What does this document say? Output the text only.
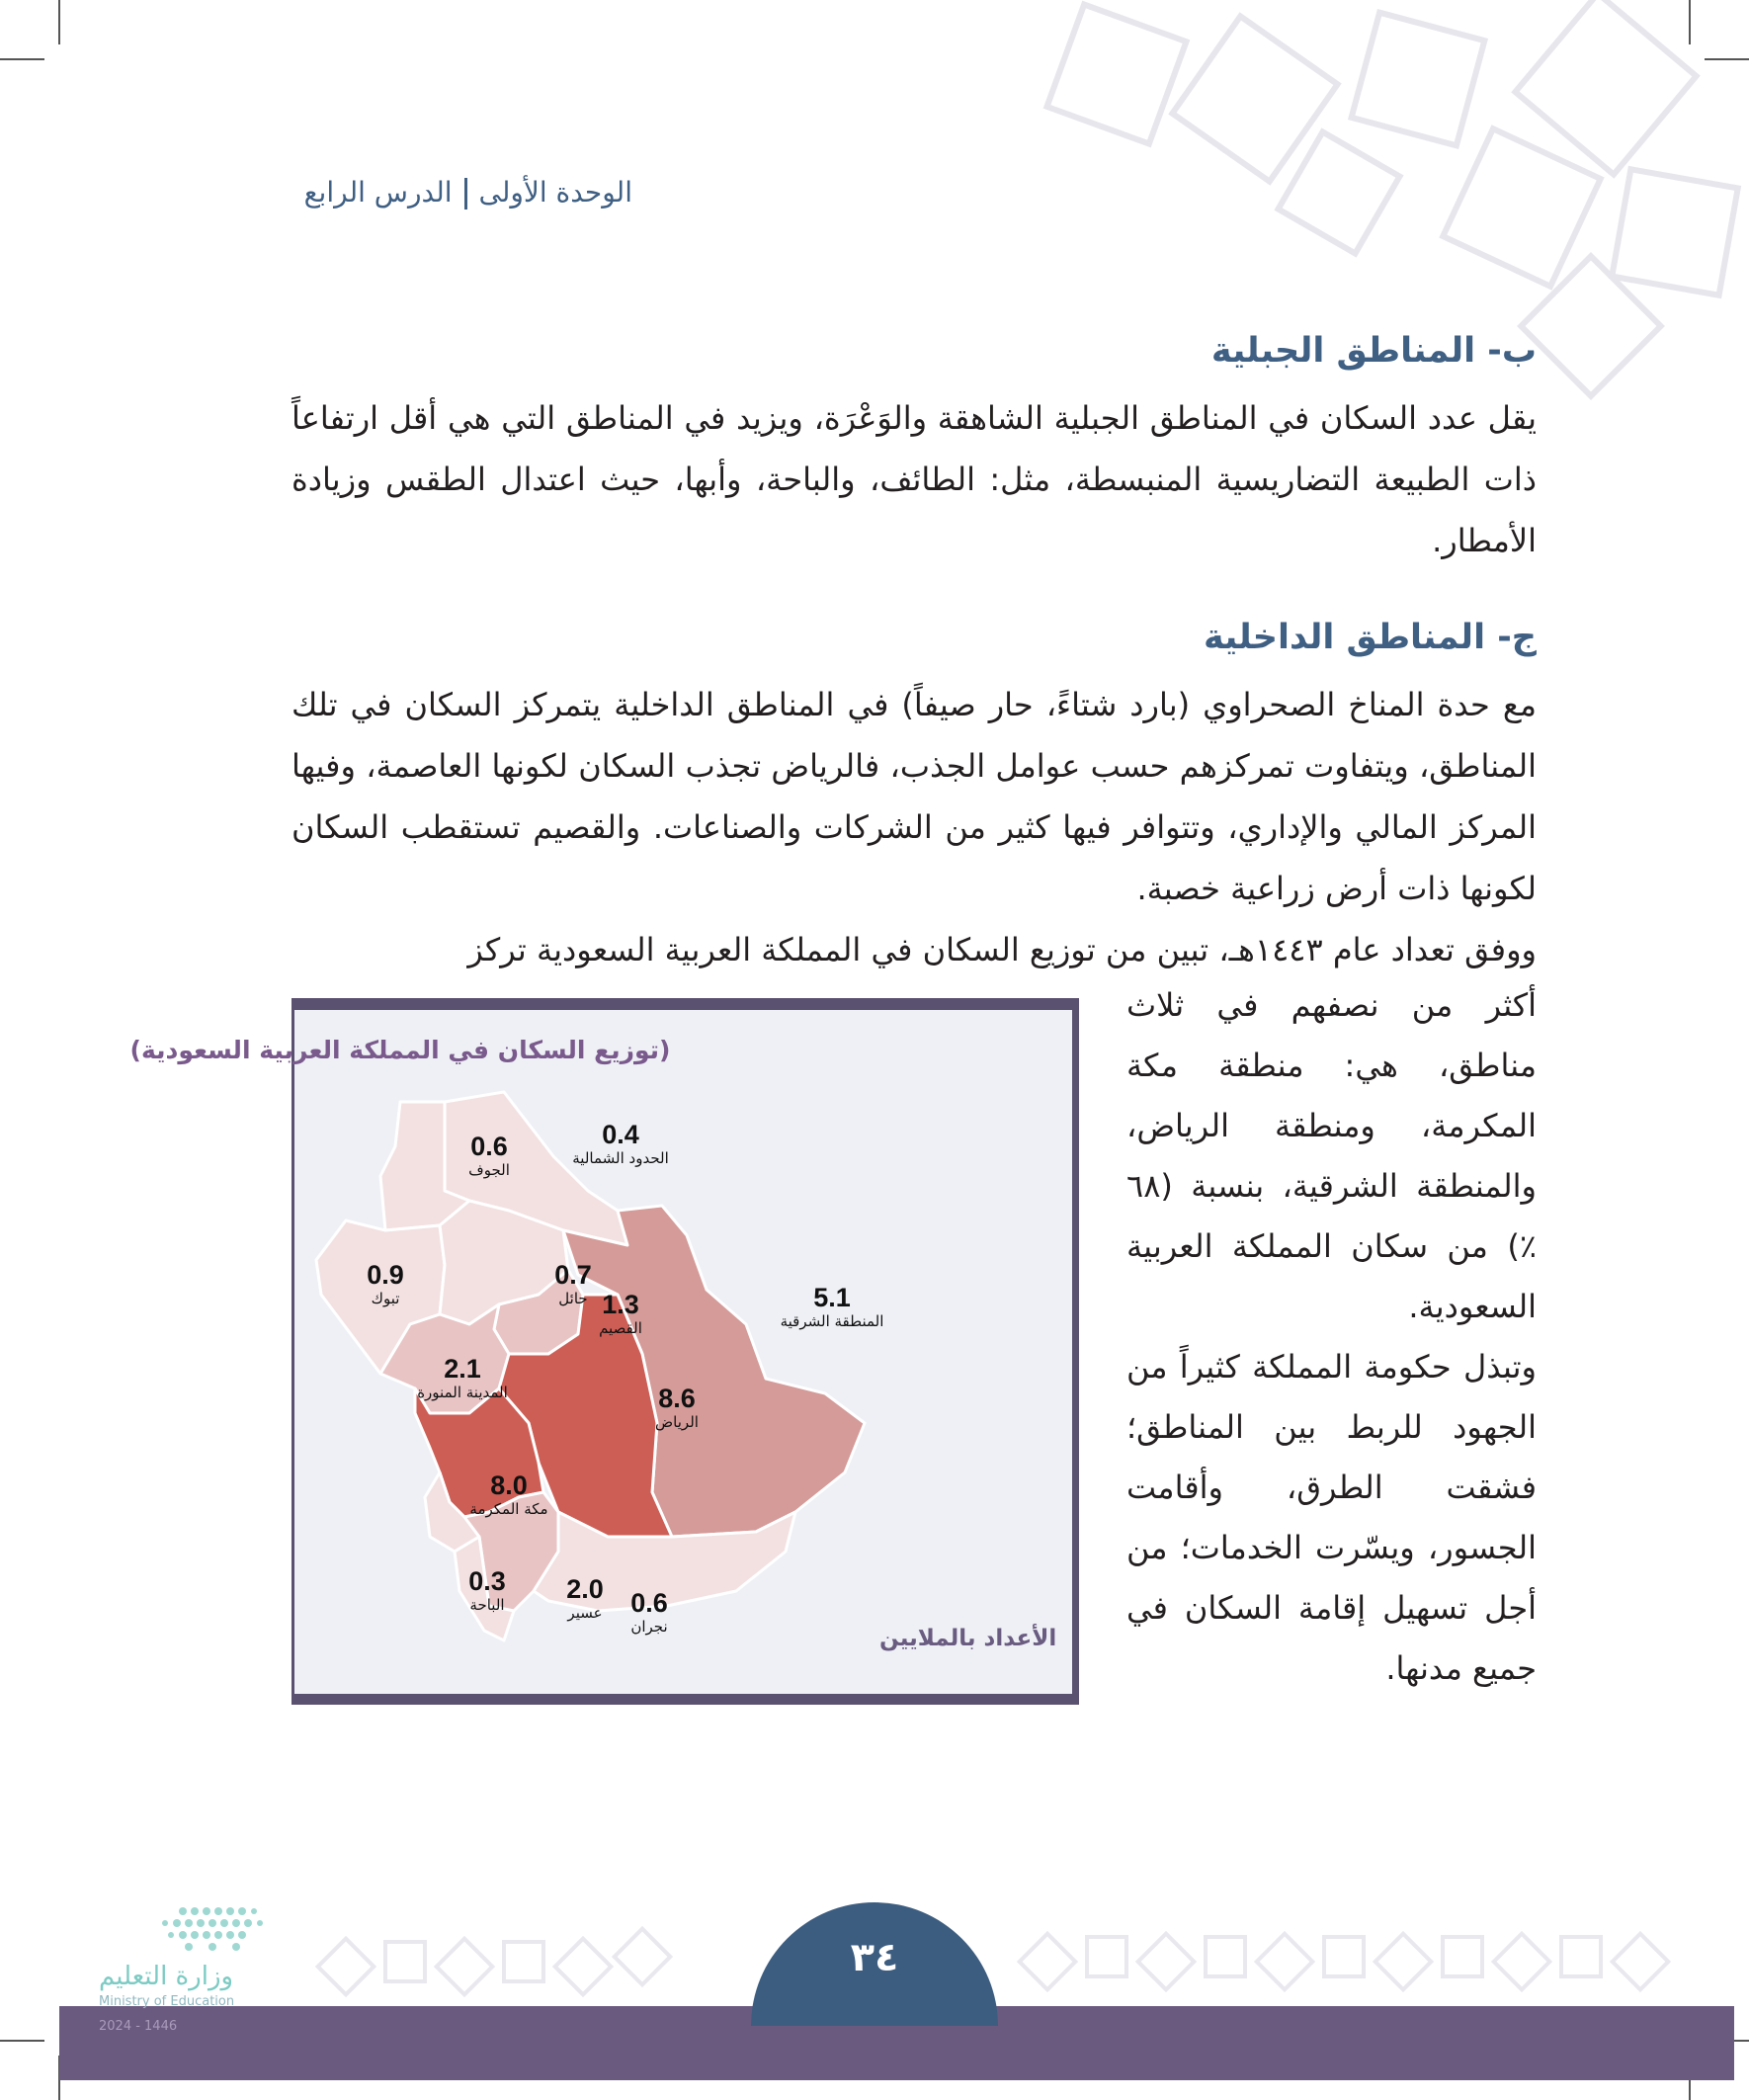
الوحدة الأولىالدرس الرابع
ب- المناطق الجبلية

يقل عدد السكان في المناطق الجبلية الشاهقة والوَعْرَة، ويزيد في المناطق التي هي أقل ارتفاعاً ذات الطبيعة التضاريسية المنبسطة، مثل: الطائف، والباحة، وأبها، حيث اعتدال الطقس وزيادة الأمطار.

ج- المناطق الداخلية

مع حدة المناخ الصحراوي (بارد شتاءً، حار صيفاً) في المناطق الداخلية يتمركز السكان في تلك المناطق، ويتفاوت تمركزهم حسب عوامل الجذب، فالرياض تجذب السكان لكونها العاصمة، وفيها المركز المالي والإداري، وتتوافر فيها كثير من الشركات والصناعات. والقصيم تستقطب السكان لكونها ذات أرض زراعية خصبة.

ووفق تعداد عام ١٤٤٣هـ، تبين من توزيع السكان في المملكة العربية السعودية تركز

أكثر من نصفهم في ثلاث مناطق، هي: منطقة مكة المكرمة، ومنطقة الرياض، والمنطقة الشرقية، بنسبة (٦٨ ٪) من سكان المملكة العربية السعودية.

وتبذل حكومة المملكة كثيراً من الجهود للربط بين المناطق؛ فشقت الطرق، وأقامت الجسور، ويسّرت الخدمات؛ من أجل تسهيل إقامة السكان في جميع مدنها.

(توزيع السكان في المملكة العربية السعودية)
الأعداد بالملايين
0.4
الحدود الشمالية
0.6
الجوف
0.9
تبوك
0.7
حائل 1.3
القصيم
5.1
المنطقة الشرقية
2.1
المدينة المنورة	8.6
الرياض
8.0
مكة المكرمة
0.3
الباحة
2.0
عسير 0.6
نجران
٣٤
وزارة التعليم
Ministry of Education
2024 - 1446
